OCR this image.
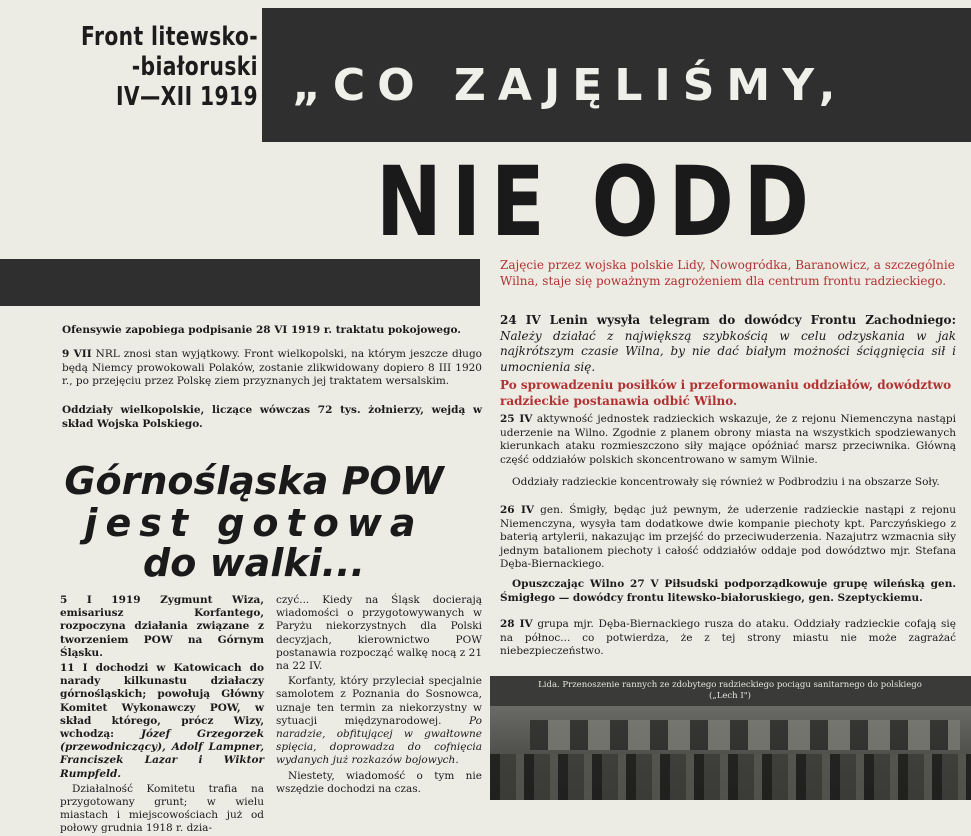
Front litewsko-
-białoruski
IV—XII 1919 „CO ZAJĘLIŚMY,
NIE ODD
Ofensywie zapobiega podpisanie 28 VI 1919 r. traktatu pokojowego.
9 VII NRL znosi stan wyjątkowy. Front wielkopolski, na którym jeszcze długo będą Niemcy prowokowali Polaków, zostanie zlikwidowany dopiero 8 III 1920 r., po przejęciu przez Polskę ziem przyznanych jej traktatem wersalskim.
Oddziały wielkopolskie, liczące wówczas 72 tys. żołnierzy, wejdą w skład Wojska Polskiego.
Górnośląska POW
jest gotowa
do walki...
5 I 1919 Zygmunt Wiza, emisariusz Korfantego, rozpoczyna działania związane z tworzeniem POW na Górnym Śląsku.
11 I dochodzi w Katowicach do narady kilkunastu działaczy górnośląskich; powołują Główny Komitet Wykonawczy POW, w skład którego, prócz Wizy, wchodzą: Józef Grzegorzek (przewodniczący), Adolf Lampner, Franciszek Lazar i Wiktor Rumpfeld.
Działalność Komitetu trafia na przygotowany grunt; w wielu miastach i miejscowościach już od połowy grudnia 1918 r. dzia-
czyć... Kiedy na Śląsk docierają wiadomości o przygotowywanych w Paryżu niekorzystnych dla Polski decyzjach, kierownictwo POW postanawia rozpocząć walkę nocą z 21 na 22 IV.
Korfanty, który przyleciał specjalnie samolotem z Poznania do Sosnowca, uznaje ten termin za niekorzystny w sytuacji międzynarodowej. Po naradzie, obfitującej w gwałtowne spięcia, doprowadza do cofnięcia wydanych już rozkazów bojowych.
Niestety, wiadomość o tym nie wszędzie dochodzi na czas.
Zajęcie przez wojska polskie Lidy, Nowogródka, Baranowicz, a szczególnie Wilna, staje się poważnym zagrożeniem dla centrum frontu radzieckiego.
24 IV Lenin wysyła telegram do dowódcy Frontu Zachodniego: Należy działać z największą szybkością w celu odzyskania w jak najkrótszym czasie Wilna, by nie dać białym możności ściągnięcia sił i umocnienia się.
Po sprowadzeniu posiłków i przeformowaniu oddziałów, dowództwo radzieckie postanawia odbić Wilno.
25 IV aktywność jednostek radzieckich wskazuje, że z rejonu Niemenczyna nastąpi uderzenie na Wilno. Zgodnie z planem obrony miasta na wszystkich spodziewanych kierunkach ataku rozmieszczono siły mające opóźniać marsz przeciwnika. Główną część oddziałów polskich skoncentrowano w samym Wilnie.
Oddziały radzieckie koncentrowały się również w Podbrodziu i na obszarze Soły.
26 IV gen. Śmigły, będąc już pewnym, że uderzenie radzieckie nastąpi z rejonu Niemenczyna, wysyła tam dodatkowe dwie kompanie piechoty kpt. Parczyńskiego z baterią artylerii, nakazując im przejść do przeciwuderzenia. Nazajutrz wzmacnia siły jednym batalionem piechoty i całość oddziałów oddaje pod dowództwo mjr. Stefana Dęba-Biernackiego.
Opuszczając Wilno 27 V Piłsudski podporządkowuje grupę wileńską gen. Śmigłego — dowódcy frontu litewsko-białoruskiego, gen. Szeptyckiemu.
28 IV grupa mjr. Dęba-Biernackiego rusza do ataku. Oddziały radzieckie cofają się na północ... co potwierdza, że z tej strony miastu nie może zagrażać niebezpieczeństwo.
Lida. Przenoszenie rannych ze zdobytego radzieckiego pociągu sanitarnego do polskiego („Lech I")
